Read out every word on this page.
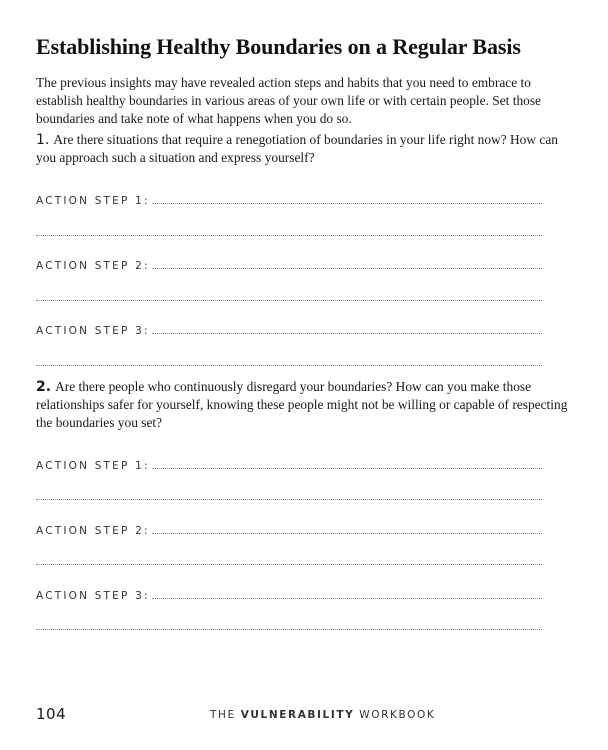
Establishing Healthy Boundaries on a Regular Basis

The previous insights may have revealed action steps and habits that you need to embrace to establish healthy boundaries in various areas of your own life or with certain people. Set those boundaries and take note of what happens when you do so.

1. Are there situations that require a renegotiation of boundaries in your life right now? How can you approach such a situation and express yourself?

ACTION STEP 1:
ACTION STEP 2:
ACTION STEP 3:

2. Are there people who continuously disregard your boundaries? How can you make those relationships safer for yourself, knowing these people might not be willing or capable of respecting the boundaries you set?

ACTION STEP 1:
ACTION STEP 2:
ACTION STEP 3:
104	THE VULNERABILITY WORKBOOK
